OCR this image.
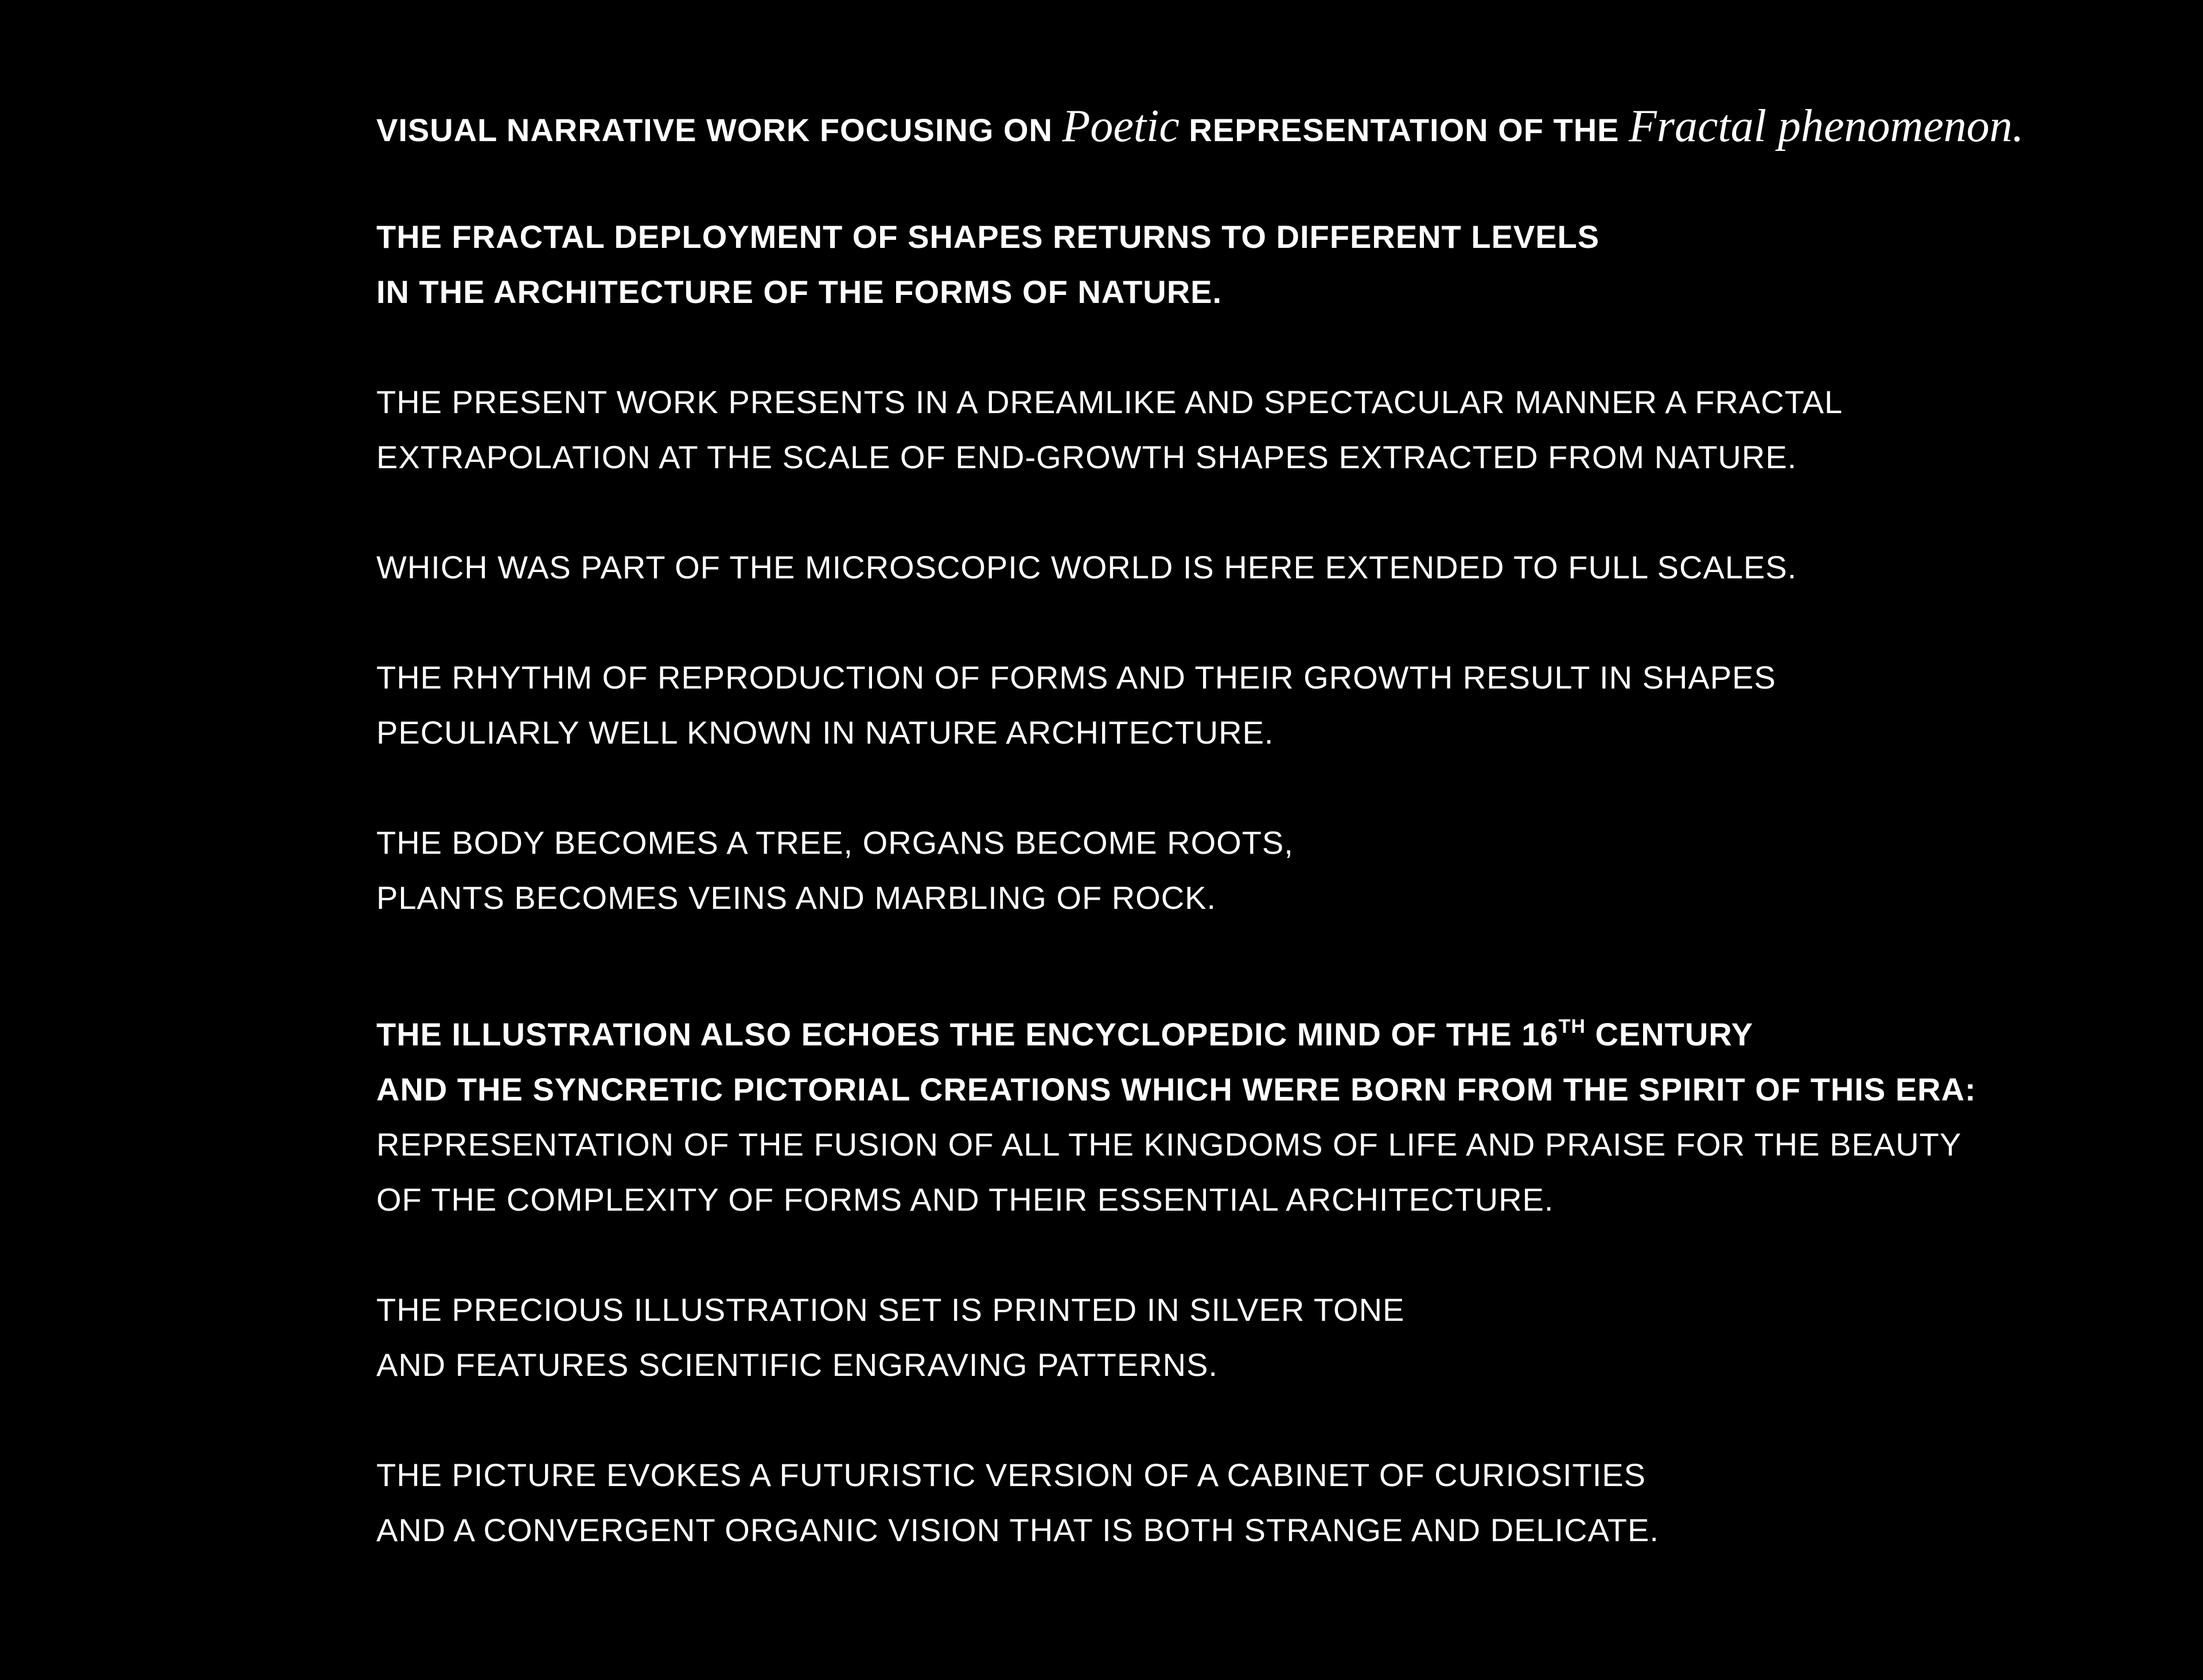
VISUAL NARRATIVE WORK FOCUSING ON Poetic REPRESENTATION OF THE Fractal phenomenon.

THE FRACTAL DEPLOYMENT OF SHAPES RETURNS TO DIFFERENT LEVELS
IN THE ARCHITECTURE OF THE FORMS OF NATURE.

THE PRESENT WORK PRESENTS IN A DREAMLIKE AND SPECTACULAR MANNER A FRACTAL
EXTRAPOLATION AT THE SCALE OF END-GROWTH SHAPES EXTRACTED FROM NATURE.

WHICH WAS PART OF THE MICROSCOPIC WORLD IS HERE EXTENDED TO FULL SCALES.

THE RHYTHM OF REPRODUCTION OF FORMS AND THEIR GROWTH RESULT IN SHAPES
PECULIARLY WELL KNOWN IN NATURE ARCHITECTURE.

THE BODY BECOMES A TREE, ORGANS BECOME ROOTS,
PLANTS BECOMES VEINS AND MARBLING OF ROCK.

THE ILLUSTRATION ALSO ECHOES THE ENCYCLOPEDIC MIND OF THE 16TH CENTURY
AND THE SYNCRETIC PICTORIAL CREATIONS WHICH WERE BORN FROM THE SPIRIT OF THIS ERA:
REPRESENTATION OF THE FUSION OF ALL THE KINGDOMS OF LIFE AND PRAISE FOR THE BEAUTY
OF THE COMPLEXITY OF FORMS AND THEIR ESSENTIAL ARCHITECTURE.

THE PRECIOUS ILLUSTRATION SET IS PRINTED IN SILVER TONE
AND FEATURES SCIENTIFIC ENGRAVING PATTERNS.

THE PICTURE EVOKES A FUTURISTIC VERSION OF A CABINET OF CURIOSITIES
AND A CONVERGENT ORGANIC VISION THAT IS BOTH STRANGE AND DELICATE.
